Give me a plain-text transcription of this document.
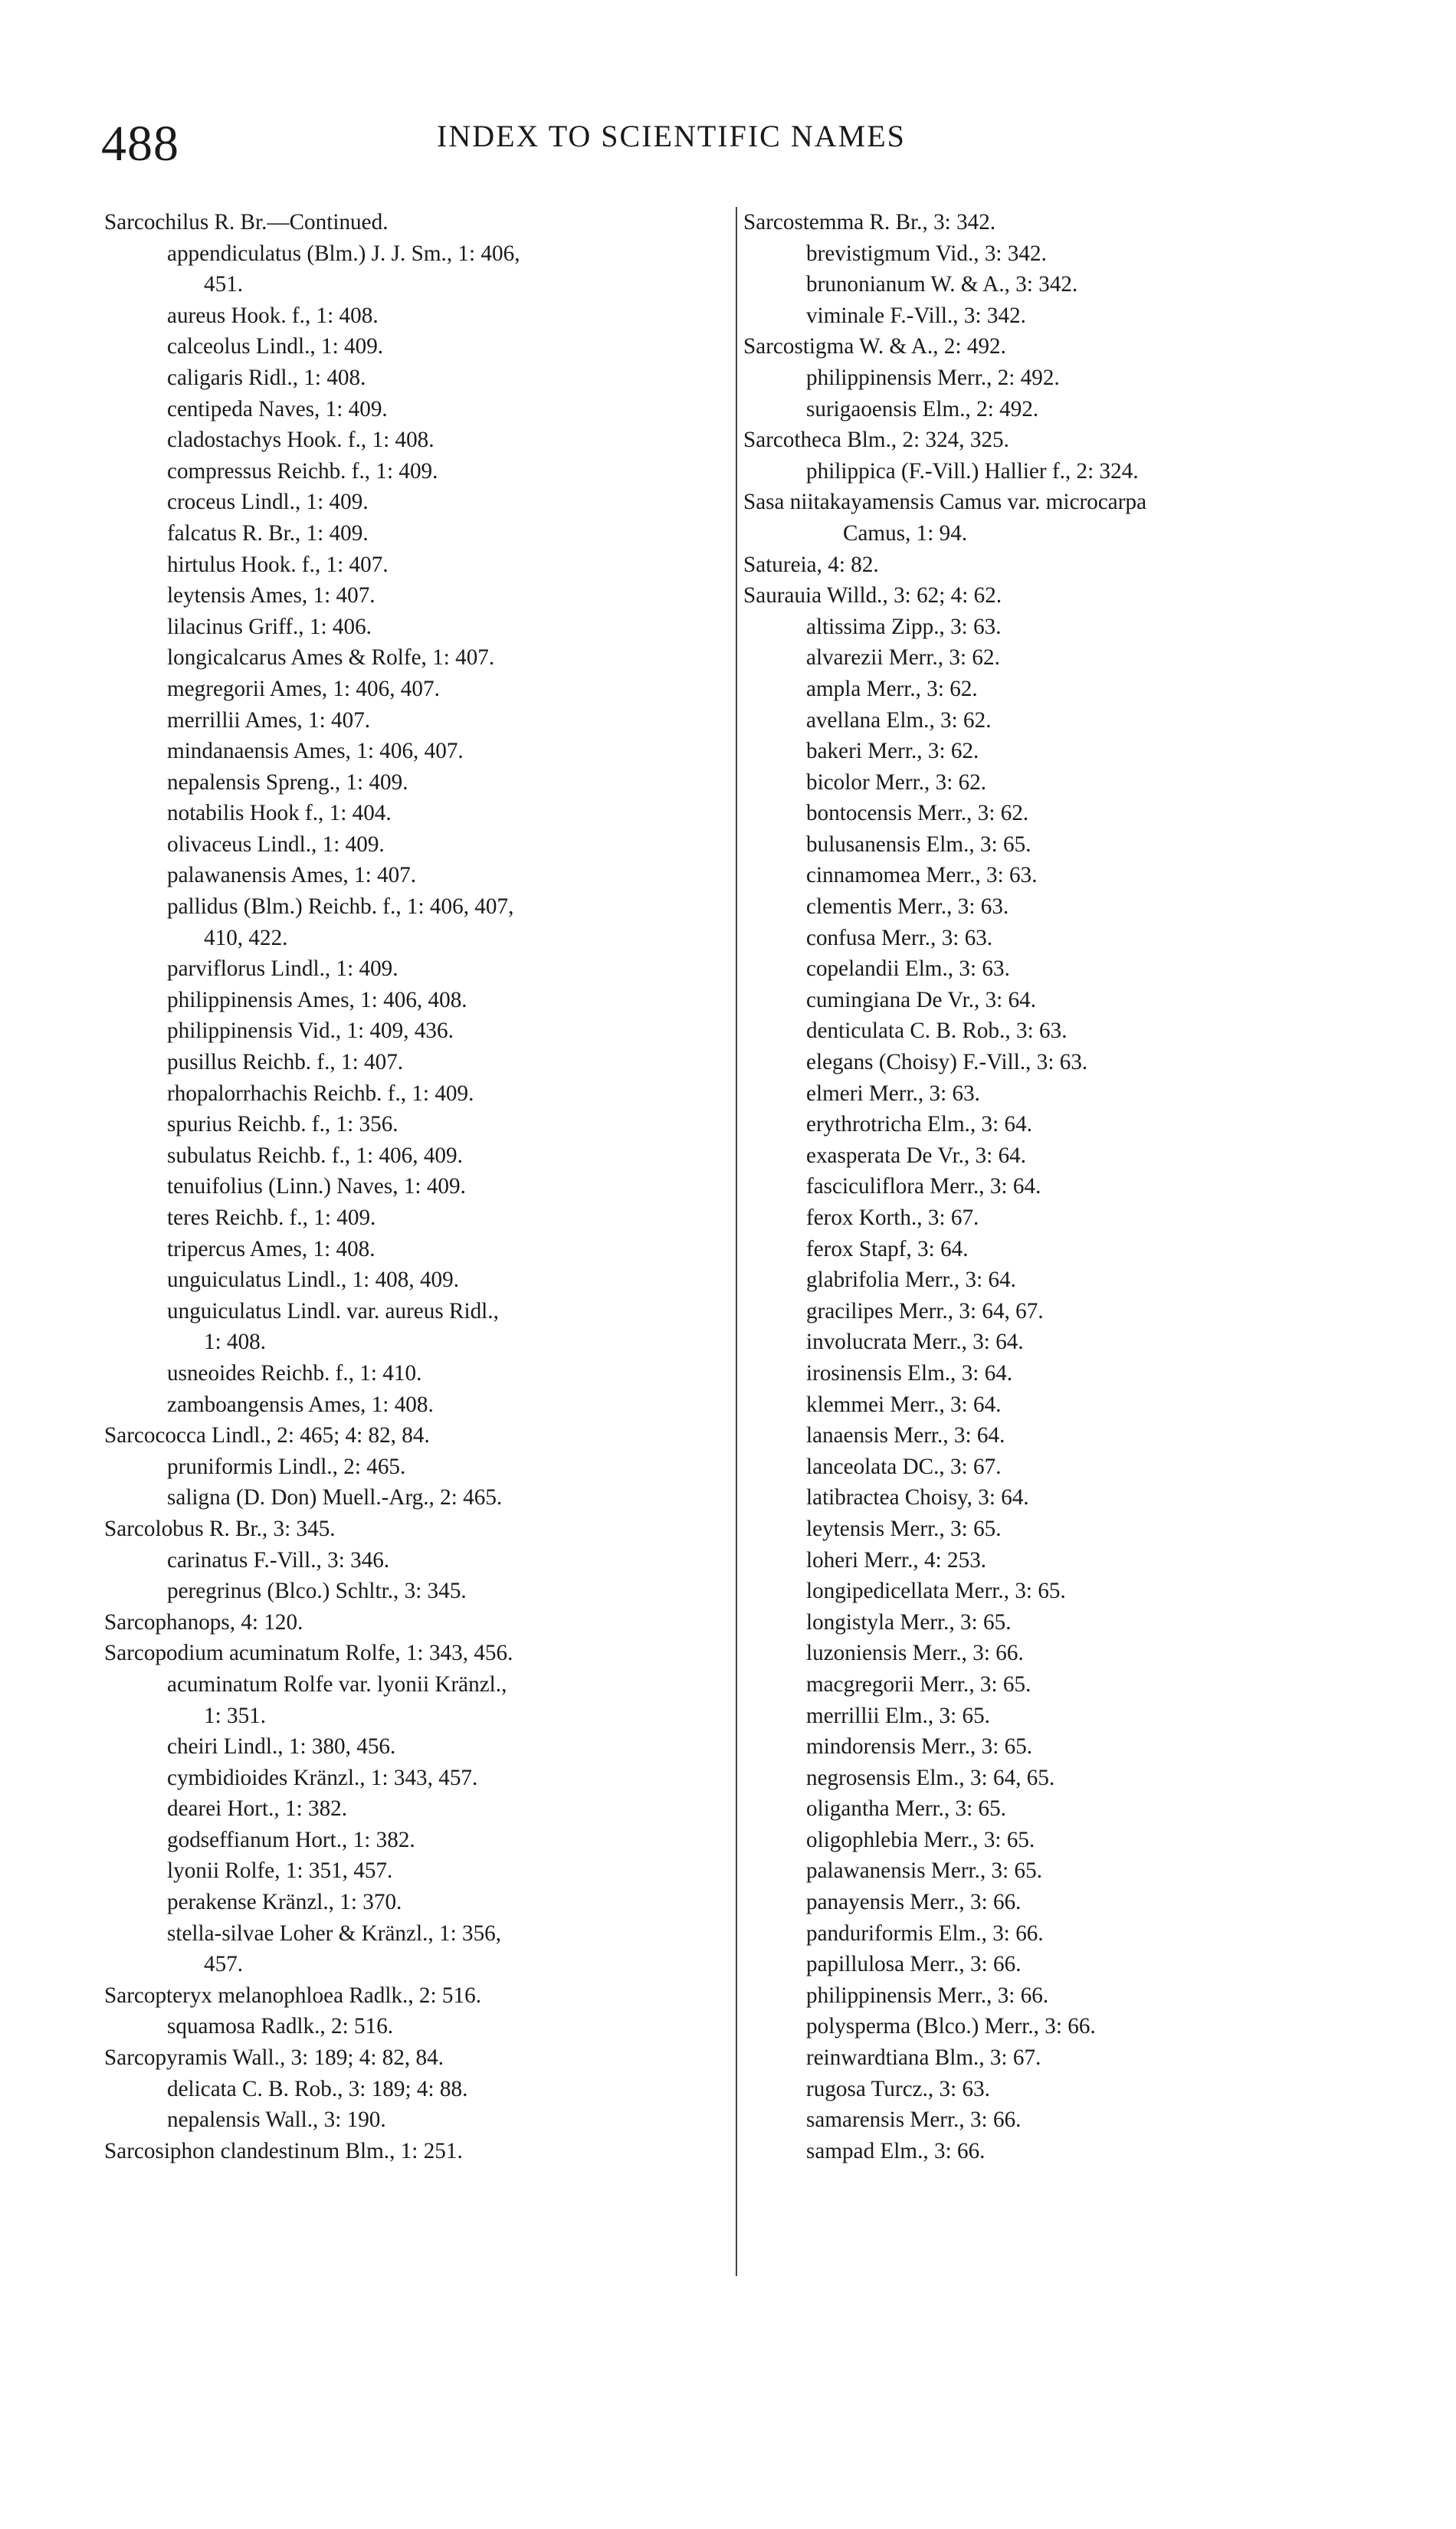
488	INDEX TO SCIENTIFIC NAMES
Sarcochilus R. Br.—Continued.
appendiculatus (Blm.) J. J. Sm., 1: 406,
451.
aureus Hook. f., 1: 408.
calceolus Lindl., 1: 409.
caligaris Ridl., 1: 408.
centipeda Naves, 1: 409.
cladostachys Hook. f., 1: 408.
compressus Reichb. f., 1: 409.
croceus Lindl., 1: 409.
falcatus R. Br., 1: 409.
hirtulus Hook. f., 1: 407.
leytensis Ames, 1: 407.
lilacinus Griff., 1: 406.
longicalcarus Ames & Rolfe, 1: 407.
megregorii Ames, 1: 406, 407.
merrillii Ames, 1: 407.
mindanaensis Ames, 1: 406, 407.
nepalensis Spreng., 1: 409.
notabilis Hook f., 1: 404.
olivaceus Lindl., 1: 409.
palawanensis Ames, 1: 407.
pallidus (Blm.) Reichb. f., 1: 406, 407,
410, 422.
parviflorus Lindl., 1: 409.
philippinensis Ames, 1: 406, 408.
philippinensis Vid., 1: 409, 436.
pusillus Reichb. f., 1: 407.
rhopalorrhachis Reichb. f., 1: 409.
spurius Reichb. f., 1: 356.
subulatus Reichb. f., 1: 406, 409.
tenuifolius (Linn.) Naves, 1: 409.
teres Reichb. f., 1: 409.
tripercus Ames, 1: 408.
unguiculatus Lindl., 1: 408, 409.
unguiculatus Lindl. var. aureus Ridl.,
1: 408.
usneoides Reichb. f., 1: 410.
zamboangensis Ames, 1: 408.
Sarcococca Lindl., 2: 465; 4: 82, 84.
pruniformis Lindl., 2: 465.
saligna (D. Don) Muell.-Arg., 2: 465.
Sarcolobus R. Br., 3: 345.
carinatus F.-Vill., 3: 346.
peregrinus (Blco.) Schltr., 3: 345.
Sarcophanops, 4: 120.
Sarcopodium acuminatum Rolfe, 1: 343, 456.
acuminatum Rolfe var. lyonii Kränzl.,
1: 351.
cheiri Lindl., 1: 380, 456.
cymbidioides Kränzl., 1: 343, 457.
dearei Hort., 1: 382.
godseffianum Hort., 1: 382.
lyonii Rolfe, 1: 351, 457.
perakense Kränzl., 1: 370.
stella-silvae Loher & Kränzl., 1: 356,
457.
Sarcopteryx melanophloea Radlk., 2: 516.
squamosa Radlk., 2: 516.
Sarcopyramis Wall., 3: 189; 4: 82, 84.
delicata C. B. Rob., 3: 189; 4: 88.
nepalensis Wall., 3: 190.
Sarcosiphon clandestinum Blm., 1: 251.
Sarcostemma R. Br., 3: 342.
brevistigmum Vid., 3: 342.
brunonianum W. & A., 3: 342.
viminale F.-Vill., 3: 342.
Sarcostigma W. & A., 2: 492.
philippinensis Merr., 2: 492.
surigaoensis Elm., 2: 492.
Sarcotheca Blm., 2: 324, 325.
philippica (F.-Vill.) Hallier f., 2: 324.
Sasa niitakayamensis Camus var. microcarpa
Camus, 1: 94.
Satureia, 4: 82.
Saurauia Willd., 3: 62; 4: 62.
altissima Zipp., 3: 63.
alvarezii Merr., 3: 62.
ampla Merr., 3: 62.
avellana Elm., 3: 62.
bakeri Merr., 3: 62.
bicolor Merr., 3: 62.
bontocensis Merr., 3: 62.
bulusanensis Elm., 3: 65.
cinnamomea Merr., 3: 63.
clementis Merr., 3: 63.
confusa Merr., 3: 63.
copelandii Elm., 3: 63.
cumingiana De Vr., 3: 64.
denticulata C. B. Rob., 3: 63.
elegans (Choisy) F.-Vill., 3: 63.
elmeri Merr., 3: 63.
erythrotricha Elm., 3: 64.
exasperata De Vr., 3: 64.
fasciculiflora Merr., 3: 64.
ferox Korth., 3: 67.
ferox Stapf, 3: 64.
glabrifolia Merr., 3: 64.
gracilipes Merr., 3: 64, 67.
involucrata Merr., 3: 64.
irosinensis Elm., 3: 64.
klemmei Merr., 3: 64.
lanaensis Merr., 3: 64.
lanceolata DC., 3: 67.
latibractea Choisy, 3: 64.
leytensis Merr., 3: 65.
loheri Merr., 4: 253.
longipedicellata Merr., 3: 65.
longistyla Merr., 3: 65.
luzoniensis Merr., 3: 66.
macgregorii Merr., 3: 65.
merrillii Elm., 3: 65.
mindorensis Merr., 3: 65.
negrosensis Elm., 3: 64, 65.
oligantha Merr., 3: 65.
oligophlebia Merr., 3: 65.
palawanensis Merr., 3: 65.
panayensis Merr., 3: 66.
panduriformis Elm., 3: 66.
papillulosa Merr., 3: 66.
philippinensis Merr., 3: 66.
polysperma (Blco.) Merr., 3: 66.
reinwardtiana Blm., 3: 67.
rugosa Turcz., 3: 63.
samarensis Merr., 3: 66.
sampad Elm., 3: 66.
